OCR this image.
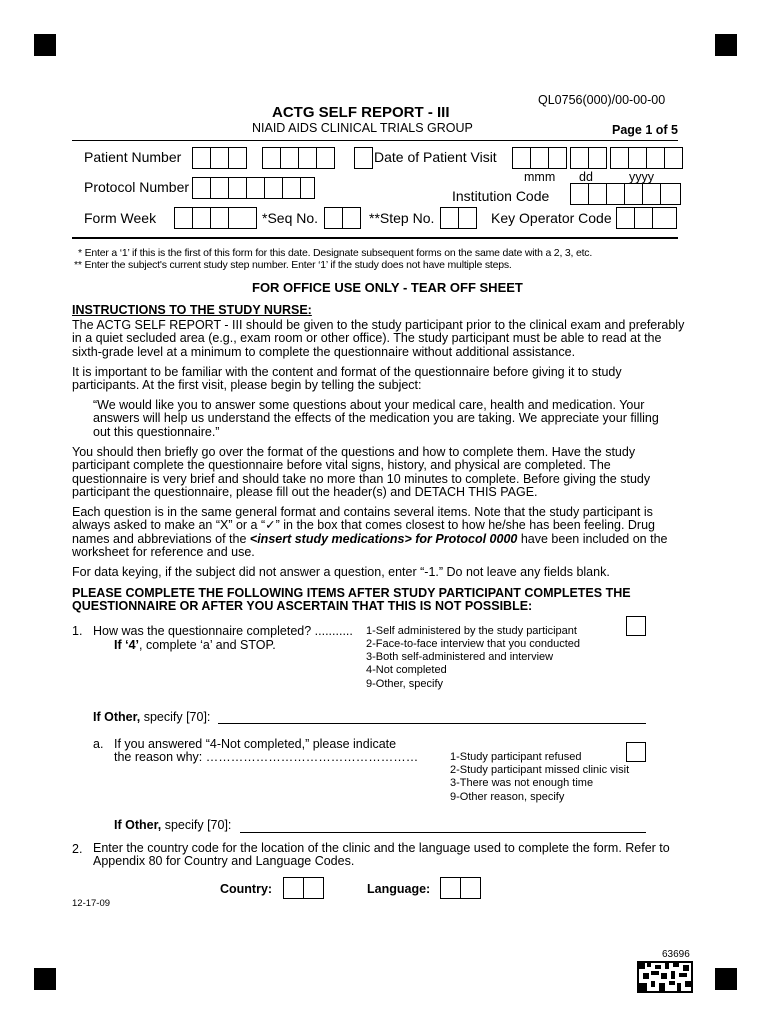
QL0756(000)/00-00-00
ACTG SELF REPORT - III
NIAID AIDS CLINICAL TRIALS GROUP	Page 1 of 5
Patient Number	Date of Patient Visit
mmm dd	yyyy
Protocol Number
Institution Code
Form Week	*Seq No.	**Step No.	Key Operator Code
* Enter a ‘1’ if this is the first of this form for this date. Designate subsequent forms on the same date with a 2, 3, etc.
** Enter the subject's current study step number. Enter ‘1’ if the study does not have multiple steps.
FOR OFFICE USE ONLY - TEAR OFF SHEET
INSTRUCTIONS TO THE STUDY NURSE:
The ACTG SELF REPORT - III should be given to the study participant prior to the clinical exam and preferably in a quiet secluded area (e.g., exam room or other office). The study participant must be able to read at the sixth-grade level at a minimum to complete the questionnaire without additional assistance.
It is important to be familiar with the content and format of the questionnaire before giving it to study participants. At the first visit, please begin by telling the subject:
“We would like you to answer some questions about your medical care, health and medication. Your answers will help us understand the effects of the medication you are taking. We appreciate your filling out this questionnaire.”
You should then briefly go over the format of the questions and how to complete them. Have the study participant complete the questionnaire before vital signs, history, and physical are completed. The questionnaire is very brief and should take no more than 10 minutes to complete. Before giving the study participant the questionnaire, please fill out the header(s) and DETACH THIS PAGE.
Each question is in the same general format and contains several items. Note that the study participant is always asked to make an “X” or a “✓” in the box that comes closest to how he/she has been feeling. Drug names and abbreviations of the <insert study medications> for Protocol 0000 have been included on the worksheet for reference and use.
For data keying, if the subject did not answer a question, enter “-1.” Do not leave any fields blank.
PLEASE COMPLETE THE FOLLOWING ITEMS AFTER STUDY PARTICIPANT COMPLETES THE QUESTIONNAIRE OR AFTER YOU ASCERTAIN THAT THIS IS NOT POSSIBLE:
1. How was the questionnaire completed? ...........
If ‘4’, complete ‘a’ and STOP.
1-Self administered by the study participant
2-Face-to-face interview that you conducted
3-Both self-administered and interview
4-Not completed
9-Other, specify
If Other, specify [70]:
a. If you answered “4-Not completed,” please indicate
the reason why: ……………………………………………	1-Study participant refused
2-Study participant missed clinic visit
3-There was not enough time
9-Other reason, specify
If Other, specify [70]:
2. Enter the country code for the location of the clinic and the language used to complete the form. Refer to Appendix 80 for Country and Language Codes.
Country:	Language:
12-17-09
63696
